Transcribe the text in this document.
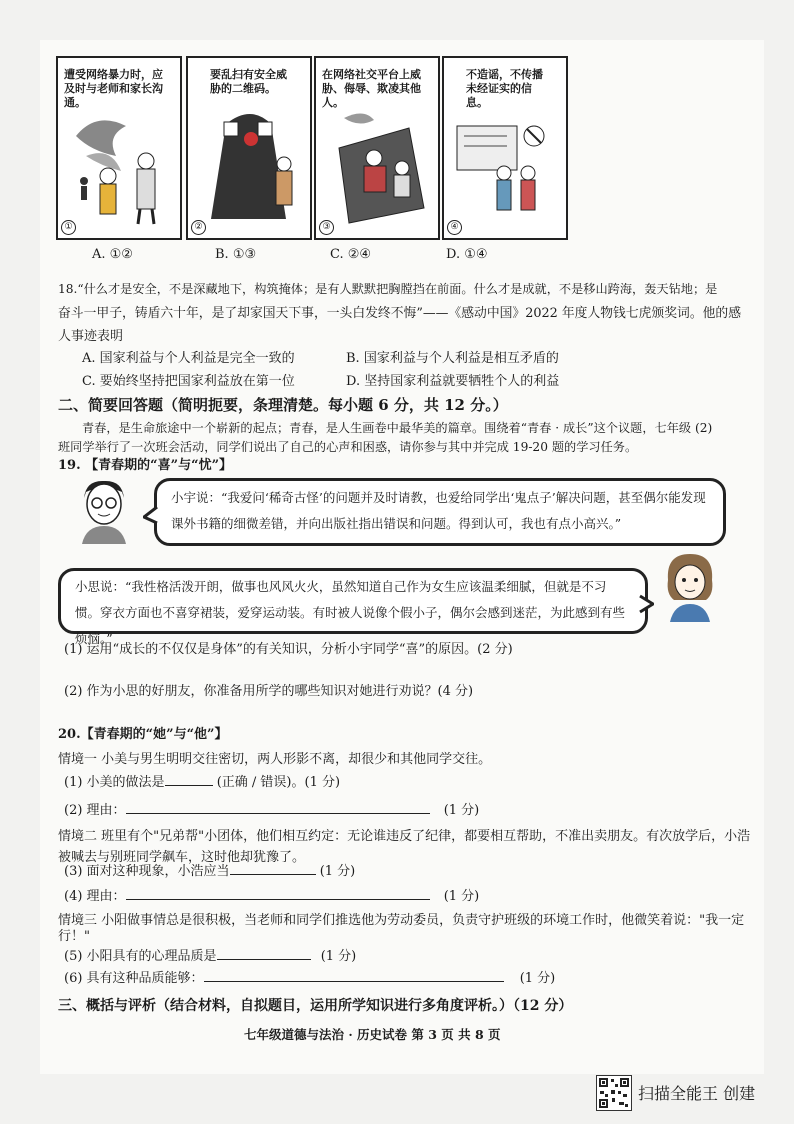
遭受网络暴力时，应及时与老师和家长沟通。
①
要乱扫有安全威胁的二维码。
②
在网络社交平台上威胁、侮辱、欺凌其他人。
③
不造谣，不传播未经证实的信息。
④
A. ①②	B. ①③	C. ②④	D. ①④
18.“什么才是安全，不是深藏地下，构筑掩体；是有人默默把胸膛挡在前面。什么才是成就，不是移山跨海，轰天钻地；是
奋斗一甲子，铸盾六十年，是了却家国天下事，一头白发终不悔”——《感动中国》2022 年度人物钱七虎颁奖词。他的感
人事迹表明
A. 国家利益与个人利益是完全一致的	B. 国家利益与个人利益是相互矛盾的
C. 要始终坚持把国家利益放在第一位	D. 坚持国家利益就要牺牲个人的利益
二、简要回答题（简明扼要，条理清楚。每小题 6 分，共 12 分。）
青春，是生命旅途中一个崭新的起点；青春，是人生画卷中最华美的篇章。围绕着“青春 · 成长”这个议题，七年级 (2)
班同学举行了一次班会活动，同学们说出了自己的心声和困惑，请你参与其中并完成 19-20 题的学习任务。
19. 【青春期的“喜”与“忧”】
小宇说：“我爱问‘稀奇古怪’的问题并及时请教，也爱给同学出‘鬼点子’解决问题，甚至偶尔能发现课外书籍的细微差错，并向出版社指出错误和问题。得到认可，我也有点小高兴。”
小思说：“我性格活泼开朗，做事也风风火火，虽然知道自己作为女生应该温柔细腻，但就是不习惯。穿衣方面也不喜穿裙装，爱穿运动装。有时被人说像个假小子，偶尔会感到迷茫，为此感到有些烦恼。”
(1) 运用“成长的不仅仅是身体”的有关知识，分析小宇同学“喜”的原因。(2 分)
(2) 作为小思的好朋友，你准备用所学的哪些知识对她进行劝说？(4 分)
20.【青春期的“她”与“他”】
情境一 小美与男生明明交往密切，两人形影不离，却很少和其他同学交往。
(1) 小美的做法是	(正确 / 错误)。(1 分)
(2) 理由：	(1 分)
情境二 班里有个"兄弟帮"小团体，他们相互约定：无论谁违反了纪律，都要相互帮助，不准出卖朋友。有次放学后，小浩
被喊去与别班同学飙车，这时他却犹豫了。
(3) 面对这种现象，小浩应当	(1 分)
(4) 理由：	(1 分)
情境三 小阳做事情总是很积极，当老师和同学们推选他为劳动委员，负责守护班级的环境工作时，他微笑着说："我一定
行！"
(5) 小阳具有的心理品质是	(1 分)
(6) 具有这种品质能够：	(1 分)
三、概括与评析（结合材料，自拟题目，运用所学知识进行多角度评析。）（12 分）
七年级道德与法治 · 历史试卷 第 3 页 共 8 页
扫描全能王 创建
